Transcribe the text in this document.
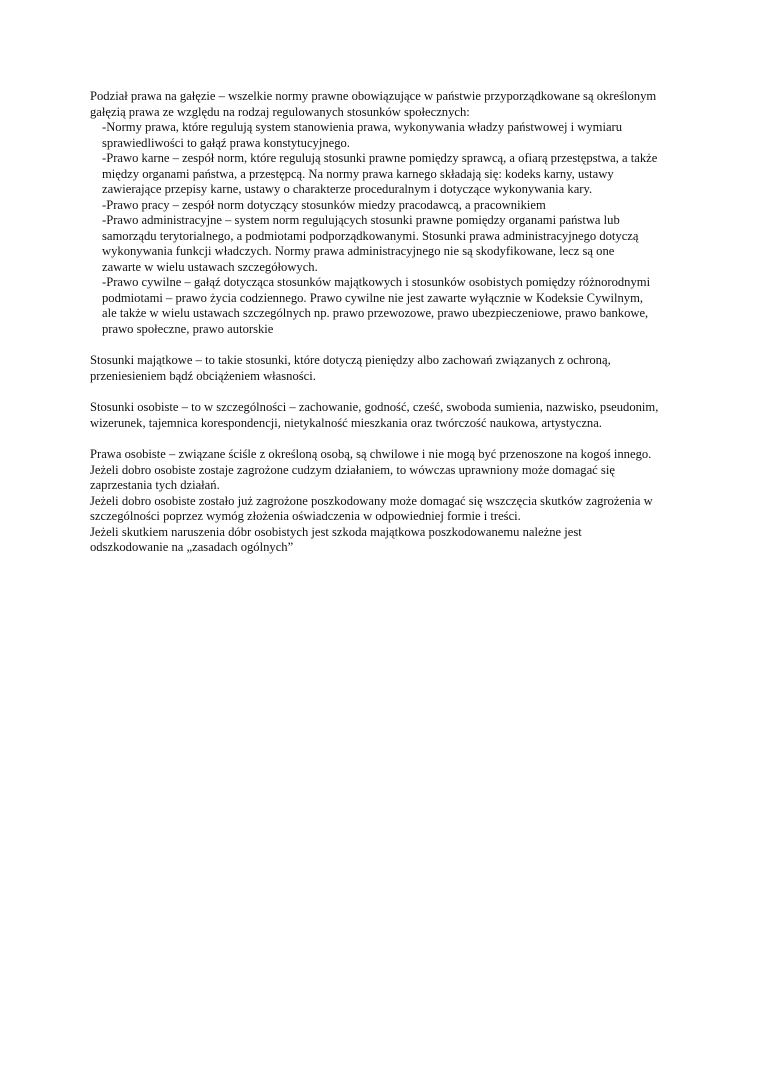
Podział prawa na gałęzie – wszelkie normy prawne obowiązujące w państwie przyporządkowane są określonym
gałęzią prawa ze względu na rodzaj regulowanych stosunków społecznych:
-Normy prawa, które regulują system stanowienia prawa, wykonywania władzy państwowej i wymiaru
sprawiedliwości to gałąź prawa konstytucyjnego.
-Prawo karne – zespół norm, które regulują stosunki prawne pomiędzy sprawcą, a ofiarą przestępstwa, a także
między organami państwa, a przestępcą. Na normy prawa karnego składają się: kodeks karny, ustawy
zawierające przepisy karne, ustawy o charakterze proceduralnym i dotyczące wykonywania kary.
-Prawo pracy – zespół norm dotyczący stosunków miedzy pracodawcą, a pracownikiem
-Prawo administracyjne – system norm regulujących stosunki prawne pomiędzy organami państwa lub
samorządu terytorialnego, a podmiotami podporządkowanymi. Stosunki prawa administracyjnego dotyczą
wykonywania funkcji władczych. Normy prawa administracyjnego nie są skodyfikowane, lecz są one
zawarte w wielu ustawach szczegółowych.
-Prawo cywilne – gałąź dotycząca stosunków majątkowych i stosunków osobistych pomiędzy różnorodnymi
podmiotami – prawo życia codziennego. Prawo cywilne nie jest zawarte wyłącznie w Kodeksie Cywilnym,
ale także w wielu ustawach szczególnych np. prawo przewozowe, prawo ubezpieczeniowe, prawo bankowe,
prawo społeczne, prawo autorskie
Stosunki majątkowe – to takie stosunki, które dotyczą pieniędzy albo zachowań związanych z ochroną,
przeniesieniem bądź obciążeniem własności.
Stosunki osobiste – to w szczególności – zachowanie, godność, cześć, swoboda sumienia, nazwisko, pseudonim,
wizerunek, tajemnica korespondencji, nietykalność mieszkania oraz twórczość naukowa, artystyczna.
Prawa osobiste – związane ściśle z określoną osobą, są chwilowe i nie mogą być przenoszone na kogoś innego.
Jeżeli dobro osobiste zostaje zagrożone cudzym działaniem, to wówczas uprawniony może domagać się
zaprzestania tych działań.
Jeżeli dobro osobiste zostało już zagrożone poszkodowany może domagać się wszczęcia skutków zagrożenia w
szczególności poprzez wymóg złożenia oświadczenia w odpowiedniej formie i treści.
Jeżeli skutkiem naruszenia dóbr osobistych jest szkoda majątkowa poszkodowanemu należne jest
odszkodowanie na „zasadach ogólnych”
